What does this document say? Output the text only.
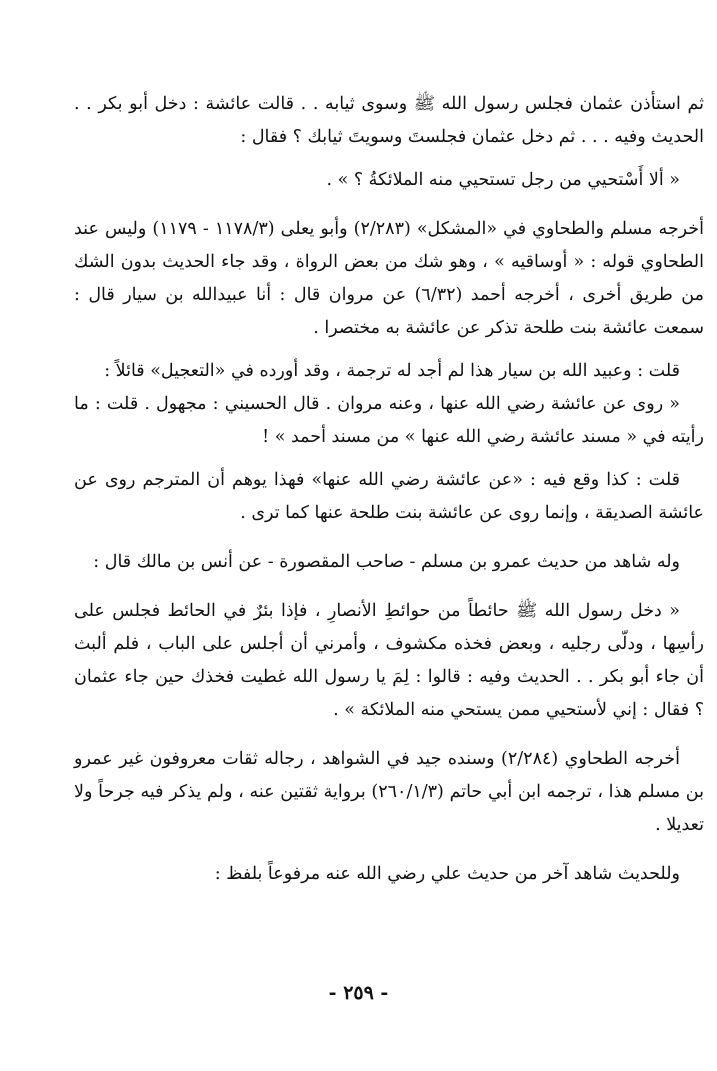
ثم استأذن عثمان فجلس رسول الله ﷺ وسوى ثيابه . . قالت عائشة : دخل أبو بكر . . الحديث وفيه . . . ثم دخل عثمان فجلستَ وسويتَ ثيابك ؟ فقال :

« ألا أَسْتحيي من رجل تستحيي منه الملائكةُ ؟ » .

أخرجه مسلم والطحاوي في «المشكل» (٢/٢٨٣) وأبو يعلى (١١٧٨/٣ - ١١٧٩) وليس عند الطحاوي قوله : « أوساقيه » ، وهو شك من بعض الرواة ، وقد جاء الحديث بدون الشك من طريق أخرى ، أخرجه أحمد (٦/٣٢) عن مروان قال : أنا عبيدالله بن سيار قال : سمعت عائشة بنت طلحة تذكر عن عائشة به مختصرا .

قلت : وعبيد الله بن سيار هذا لم أجد له ترجمة ، وقد أورده في «التعجيل» قائلاً :

« روى عن عائشة رضي الله عنها ، وعنه مروان . قال الحسيني : مجهول . قلت : ما رأيته في « مسند عائشة رضي الله عنها » من مسند أحمد » !

قلت : كذا وقع فيه : «عن عائشة رضي الله عنها» فهذا يوهم أن المترجم روى عن عائشة الصديقة ، وإنما روى عن عائشة بنت طلحة عنها كما ترى .

وله شاهد من حديث عمرو بن مسلم - صاحب المقصورة - عن أنس بن مالك قال :

« دخل رسول الله ﷺ حائطاً من حوائطِ الأنصارِ ، فإذا بئرٌ في الحائط فجلس على رأسِها ، ودلّى رجليه ، وبعض فخذه مكشوف ، وأمرني أن أجلس على الباب ، فلم ألبث أن جاء أبو بكر . . الحديث وفيه : قالوا : لِمَ يا رسول الله غطيت فخذك حين جاء عثمان ؟ فقال : إني لأستحيي ممن يستحي منه الملائكة » .

أخرجه الطحاوي (٢/٢٨٤) وسنده جيد في الشواهد ، رجاله ثقات معروفون غير عمرو بن مسلم هذا ، ترجمه ابن أبي حاتم (٢٦٠/١/٣) برواية ثقتين عنه ، ولم يذكر فيه جرحاً ولا تعديلا .

وللحديث شاهد آخر من حديث علي رضي الله عنه مرفوعاً بلفظ :

- ٢٥٩ -
